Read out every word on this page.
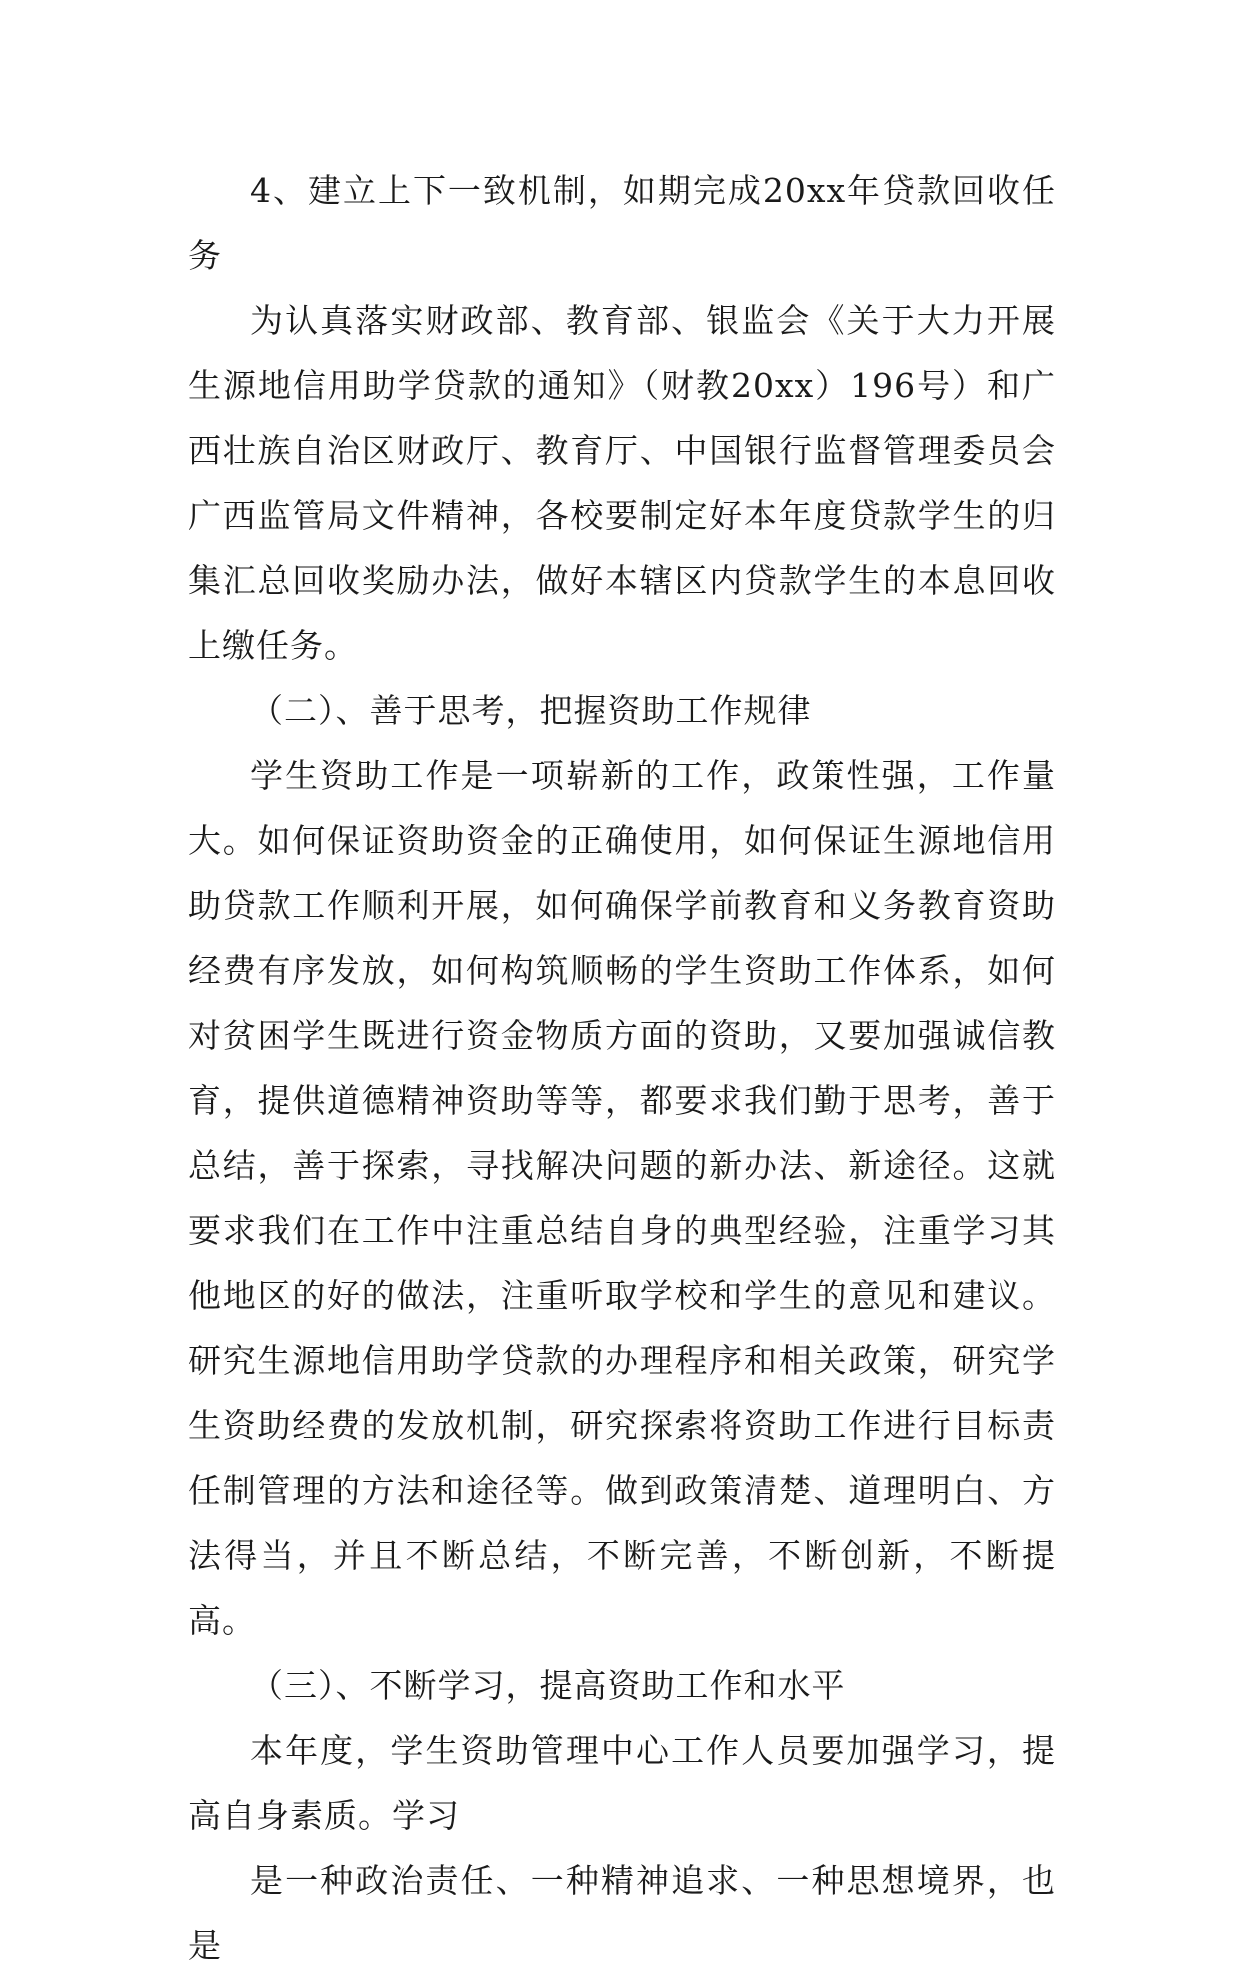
4、建立上下一致机制，如期完成20xx年贷款回收任务

为认真落实财政部、教育部、银监会《关于大力开展生源地信用助学贷款的通知》（财教20xx）196号）和广西壮族自治区财政厅、教育厅、中国银行监督管理委员会广西监管局文件精神，各校要制定好本年度贷款学生的归集汇总回收奖励办法，做好本辖区内贷款学生的本息回收上缴任务。

（二）、善于思考，把握资助工作规律

学生资助工作是一项崭新的工作，政策性强，工作量大。如何保证资助资金的正确使用，如何保证生源地信用助贷款工作顺利开展，如何确保学前教育和义务教育资助经费有序发放，如何构筑顺畅的学生资助工作体系，如何对贫困学生既进行资金物质方面的资助，又要加强诚信教育，提供道德精神资助等等，都要求我们勤于思考，善于总结，善于探索，寻找解决问题的新办法、新途径。这就要求我们在工作中注重总结自身的典型经验，注重学习其他地区的好的做法，注重听取学校和学生的意见和建议。研究生源地信用助学贷款的办理程序和相关政策，研究学生资助经费的发放机制，研究探索将资助工作进行目标责任制管理的方法和途径等。做到政策清楚、道理明白、方法得当，并且不断总结，不断完善，不断创新，不断提高。

（三）、不断学习，提高资助工作和水平

本年度，学生资助管理中心工作人员要加强学习，提高自身素质。学习

是一种政治责任、一种精神追求、一种思想境界，也是
